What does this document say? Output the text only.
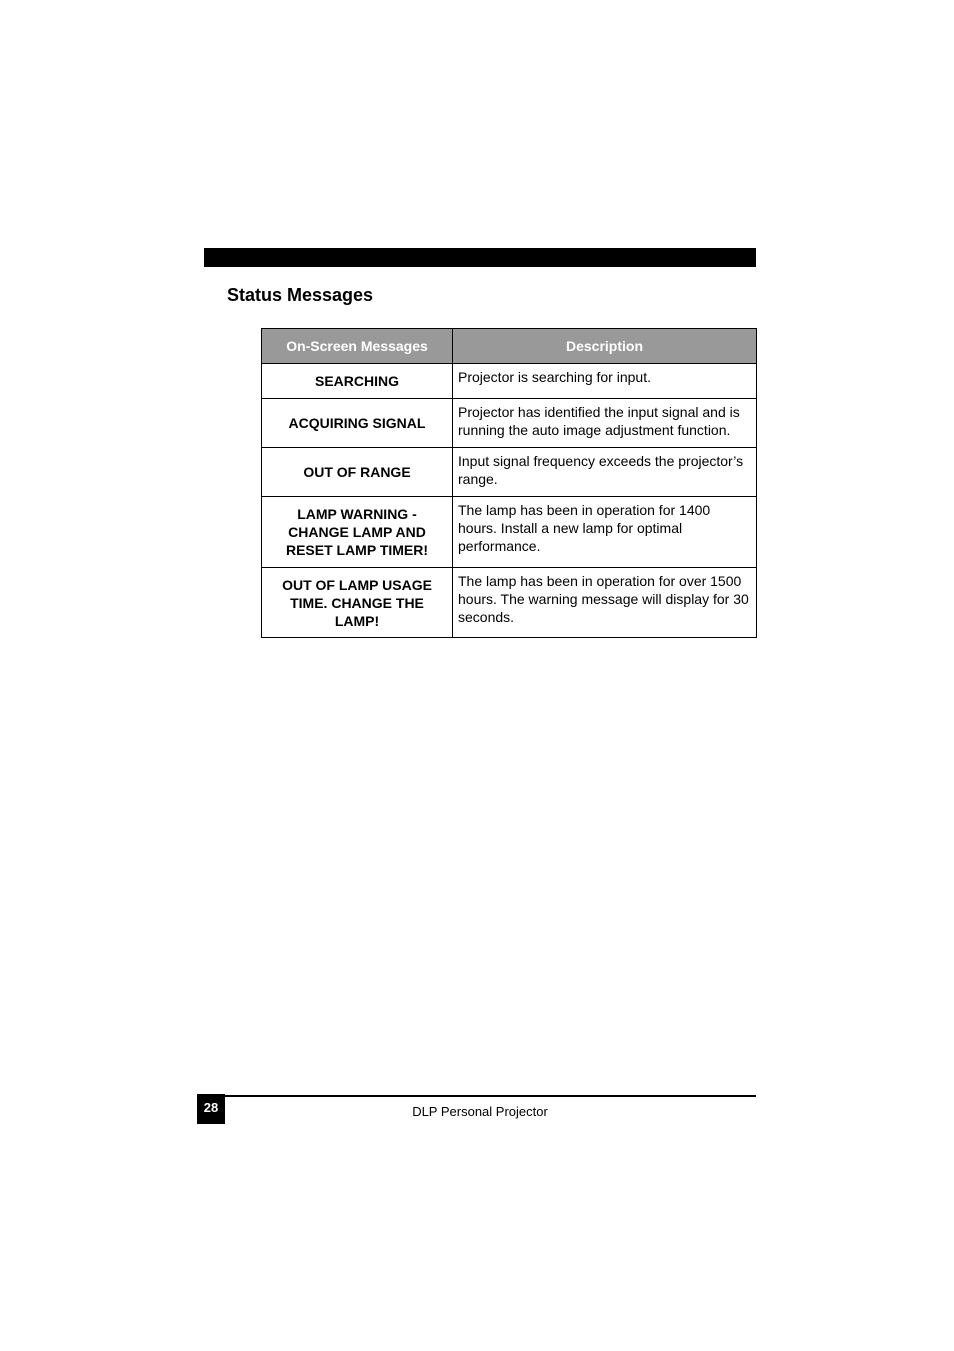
Status Messages
On-Screen Messages	Description
SEARCHING	Projector is searching for input.
ACQUIRING SIGNAL	Projector has identified the input signal and is running the auto image adjustment function.
OUT OF RANGE	Input signal frequency exceeds the projector’s range.
LAMP WARNING - CHANGE LAMP AND RESET LAMP TIMER!	The lamp has been in operation for 1400 hours. Install a new lamp for optimal performance.
OUT OF LAMP USAGE TIME. CHANGE THE LAMP!	The lamp has been in operation for over 1500 hours. The warning message will display for 30 seconds.
28	DLP Personal Projector
